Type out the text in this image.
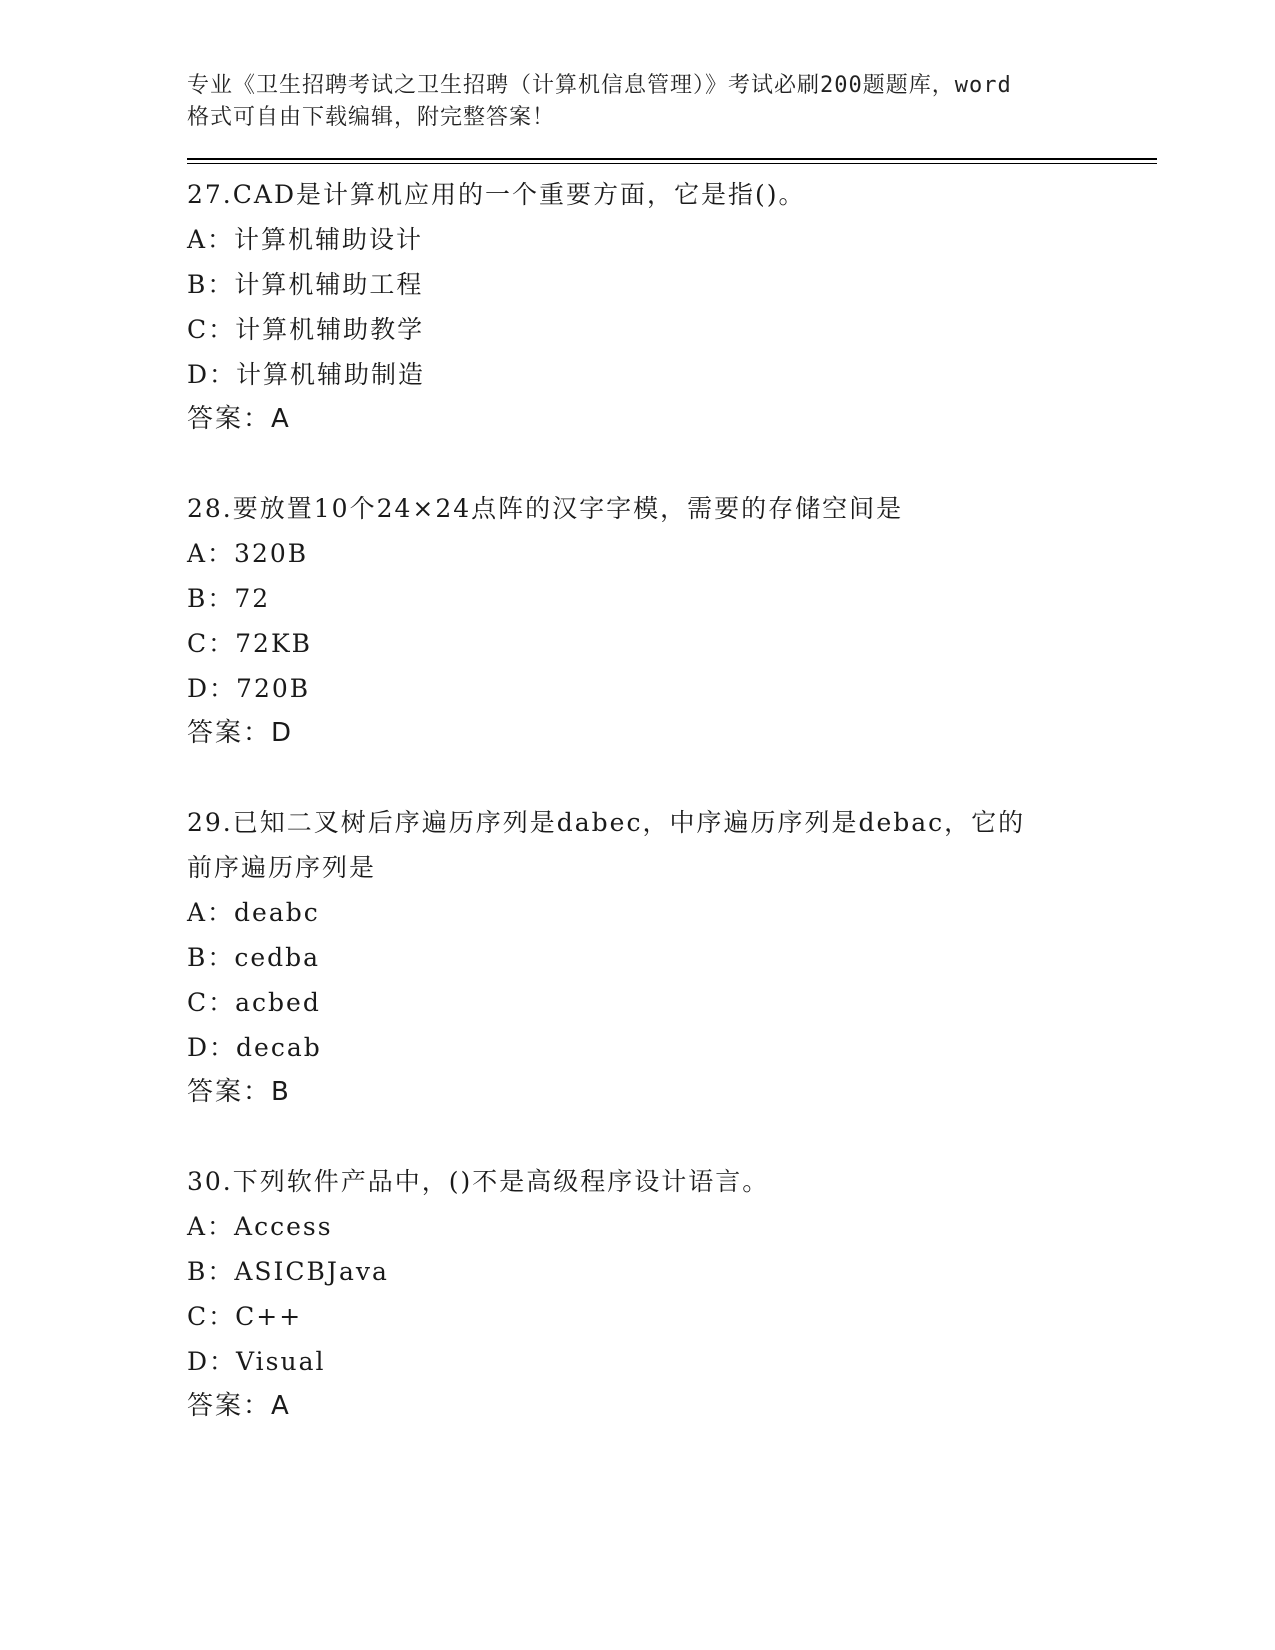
专业《卫生招聘考试之卫生招聘（计算机信息管理）》考试必刷200题题库，word
格式可自由下载编辑，附完整答案！
27.CAD是计算机应用的一个重要方面，它是指()。
A：计算机辅助设计
B：计算机辅助工程
C：计算机辅助教学
D：计算机辅助制造
答案：A
28.要放置10个24×24点阵的汉字字模，需要的存储空间是
A：320B
B：72
C：72KB
D：720B
答案：D
29.已知二叉树后序遍历序列是dabec，中序遍历序列是debac，它的前序遍历序列是
A：deabc
B：cedba
C：acbed
D：decab
答案：B
30.下列软件产品中，()不是高级程序设计语言。
A：Access
B：ASICBJava
C：C++
D：Visual
答案：A
